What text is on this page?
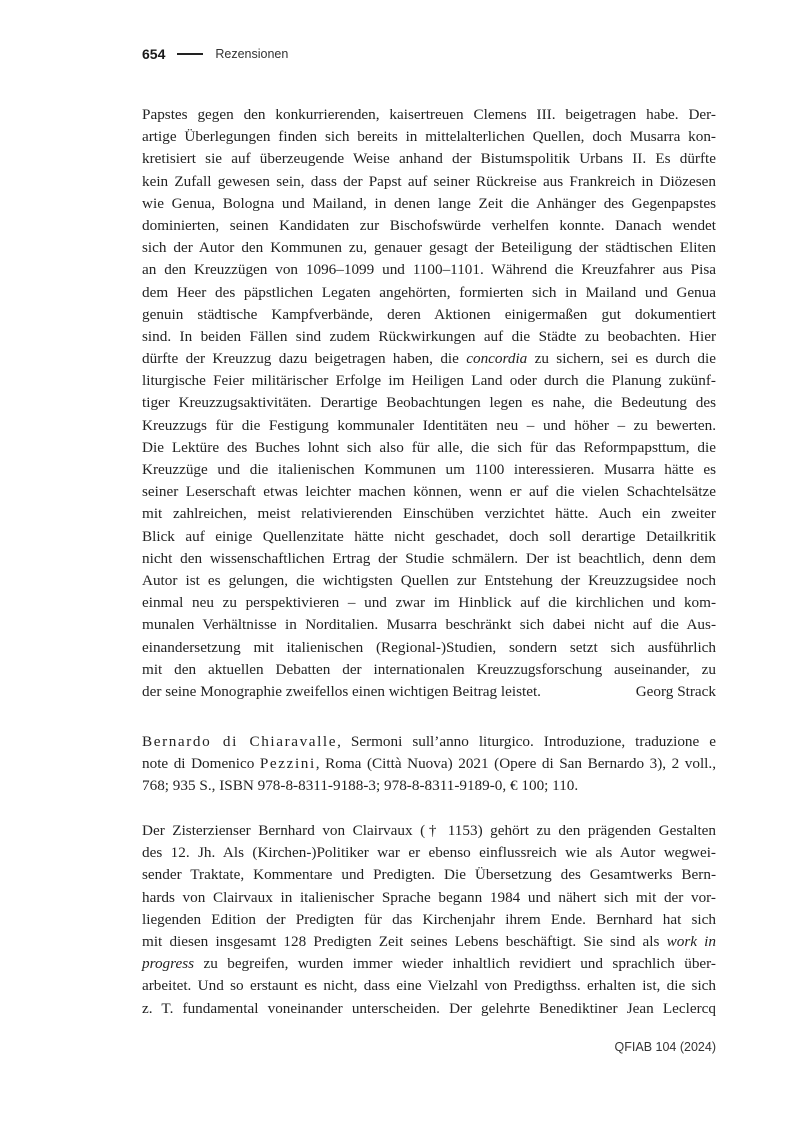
654	Rezensionen
Papstes gegen den konkurrierenden, kaisertreuen Clemens III. beigetragen habe. Der-
artige Überlegungen finden sich bereits in mittelalterlichen Quellen, doch Musarra kon-
kretisiert sie auf überzeugende Weise anhand der Bistumspolitik Urbans II. Es dürfte
kein Zufall gewesen sein, dass der Papst auf seiner Rückreise aus Frankreich in Diözesen
wie Genua, Bologna und Mailand, in denen lange Zeit die Anhänger des Gegenpapstes
dominierten, seinen Kandidaten zur Bischofswürde verhelfen konnte. Danach wendet
sich der Autor den Kommunen zu, genauer gesagt der Beteiligung der städtischen Eliten
an den Kreuzzügen von 1096–1099 und 1100–1101. Während die Kreuzfahrer aus Pisa
dem Heer des päpstlichen Legaten angehörten, formierten sich in Mailand und Genua
genuin städtische Kampfverbände, deren Aktionen einigermaßen gut dokumentiert
sind. In beiden Fällen sind zudem Rückwirkungen auf die Städte zu beobachten. Hier
dürfte der Kreuzzug dazu beigetragen haben, die concordia zu sichern, sei es durch die
liturgische Feier militärischer Erfolge im Heiligen Land oder durch die Planung zukünf-
tiger Kreuzzugsaktivitäten. Derartige Beobachtungen legen es nahe, die Bedeutung des
Kreuzzugs für die Festigung kommunaler Identitäten neu – und höher – zu bewerten.
Die Lektüre des Buches lohnt sich also für alle, die sich für das Reformpapsttum, die
Kreuzzüge und die italienischen Kommunen um 1100 interessieren. Musarra hätte es
seiner Leserschaft etwas leichter machen können, wenn er auf die vielen Schachtelsätze
mit zahlreichen, meist relativierenden Einschüben verzichtet hätte. Auch ein zweiter
Blick auf einige Quellenzitate hätte nicht geschadet, doch soll derartige Detailkritik
nicht den wissenschaftlichen Ertrag der Studie schmälern. Der ist beachtlich, denn dem
Autor ist es gelungen, die wichtigsten Quellen zur Entstehung der Kreuzzugsidee noch
einmal neu zu perspektivieren – und zwar im Hinblick auf die kirchlichen und kom-
munalen Verhältnisse in Norditalien. Musarra beschränkt sich dabei nicht auf die Aus-
einandersetzung mit italienischen (Regional-)Studien, sondern setzt sich ausführlich
mit den aktuellen Debatten der internationalen Kreuzzugsforschung auseinander, zu
der seine Monographie zweifellos einen wichtigen Beitrag leistet.	Georg Strack
Bernardo di Chiaravalle, Sermoni sull’anno liturgico. Introduzione, traduzione e
note di Domenico Pezzini, Roma (Città Nuova) 2021 (Opere di San Bernardo 3), 2 voll.,
768; 935 S., ISBN 978-8-8311-9188-3; 978-8-8311-9189-0, € 100; 110.
Der Zisterzienser Bernhard von Clairvaux († 1153) gehört zu den prägenden Gestalten
des 12. Jh. Als (Kirchen-)Politiker war er ebenso einflussreich wie als Autor wegwei-
sender Traktate, Kommentare und Predigten. Die Übersetzung des Gesamtwerks Bern-
hards von Clairvaux in italienischer Sprache begann 1984 und nähert sich mit der vor-
liegenden Edition der Predigten für das Kirchenjahr ihrem Ende. Bernhard hat sich
mit diesen insgesamt 128 Predigten Zeit seines Lebens beschäftigt. Sie sind als work in
progress zu begreifen, wurden immer wieder inhaltlich revidiert und sprachlich über-
arbeitet. Und so erstaunt es nicht, dass eine Vielzahl von Predigthss. erhalten ist, die sich
z. T. fundamental voneinander unterscheiden. Der gelehrte Benediktiner Jean Leclercq
QFIAB 104 (2024)
